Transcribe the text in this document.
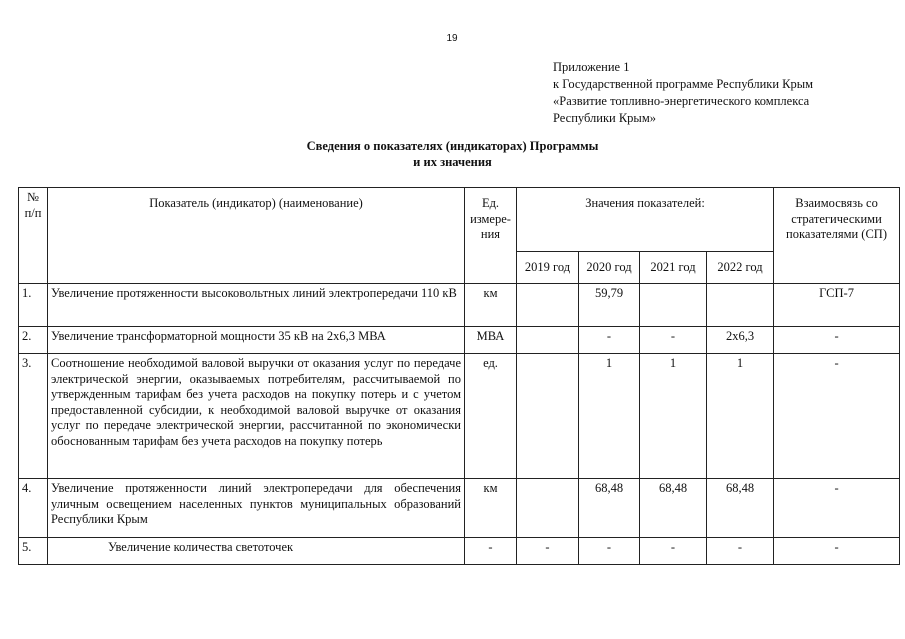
19
Приложение 1
к Государственной программе Республики Крым
«Развитие топливно-энергетического комплекса
Республики Крым»
Сведения о показателях (индикаторах) Программы
и их значения
№ п/п	Показатель (индикатор) (наименование)	Ед. измере-ния	Значения показателей:				Взаимосвязь со стратегическими показателями (СП)
			2019 год	2020 год	2021 год	2022 год	
1.	Увеличение протяженности высоковольтных линий электропередачи 110 кВ	км		59,79			ГСП-7
2.	Увеличение трансформаторной мощности 35 кВ на 2х6,3 МВА	МВА		-	-	2х6,3	-
3.	Соотношение необходимой валовой выручки от оказания услуг по передаче электрической энергии, оказываемых потребителям, рассчитываемой по утвержденным тарифам без учета расходов на покупку потерь и с учетом предоставленной субсидии, к необходимой валовой выручке от оказания услуг по передаче электрической энергии, рассчитанной по экономически обоснованным тарифам без учета расходов на покупку потерь	ед.		1	1	1	-
4.	Увеличение протяженности линий электропередачи для обеспечения уличным освещением населенных пунктов муниципальных образований Республики Крым	км		68,48	68,48	68,48	-
5.	Увеличение количества светоточек	-	-	-	-	-	-
